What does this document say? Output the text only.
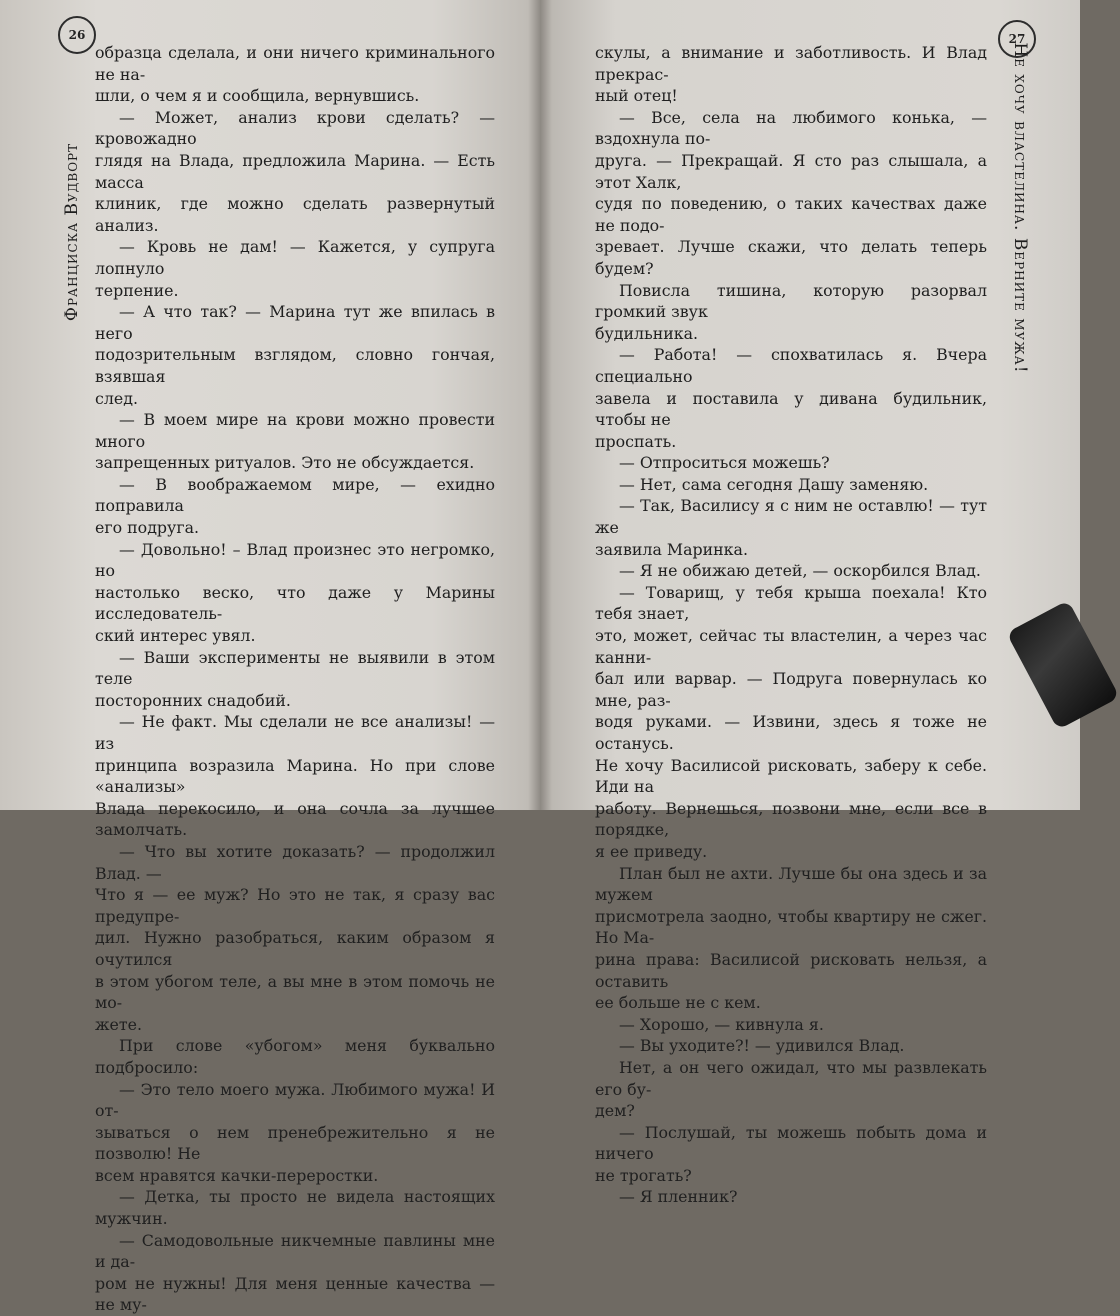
26
Франциска Вудворт

образца сделала, и они ничего криминального не на-

шли, о чем я и сообщила, вернувшись.

— Может, анализ крови сделать? — кровожадно

глядя на Влада, предложила Марина. — Есть масса

клиник, где можно сделать развернутый анализ.

— Кровь не дам! — Кажется, у супруга лопнуло

терпение.

— А что так? — Марина тут же впилась в него

подозрительным взглядом, словно гончая, взявшая

след.

— В моем мире на крови можно провести много

запрещенных ритуалов. Это не обсуждается.

— В воображаемом мире, — ехидно поправила

его подруга.

— Довольно! – Влад произнес это негромко, но

настолько веско, что даже у Марины исследователь-

ский интерес увял.

— Ваши эксперименты не выявили в этом теле

посторонних снадобий.

— Не факт. Мы сделали не все анализы! — из

принципа возразила Марина. Но при слове «анализы»

Влада перекосило, и она сочла за лучшее замолчать.

— Что вы хотите доказать? — продолжил Влад. —

Что я — ее муж? Но это не так, я сразу вас предупре-

дил. Нужно разобраться, каким образом я очутился

в этом убогом теле, а вы мне в этом помочь не мо-

жете.

При слове «убогом» меня буквально подбросило:

— Это тело моего мужа. Любимого мужа! И от-

зываться о нем пренебрежительно я не позволю! Не

всем нравятся качки-переростки.

— Детка, ты просто не видела настоящих мужчин.

— Самодовольные никчемные павлины мне и да-

ром не нужны! Для меня ценные качества — не му-

27
Не хочу властелина. Верните мужа!

скулы, а внимание и заботливость. И Влад прекрас-

ный отец!

— Все, села на любимого конька, — вздохнула по-

друга. — Прекращай. Я сто раз слышала, а этот Халк,

судя по поведению, о таких качествах даже не подо-

зревает. Лучше скажи, что делать теперь будем?

Повисла тишина, которую разорвал громкий звук

будильника.

— Работа! — спохватилась я. Вчера специально

завела и поставила у дивана будильник, чтобы не

проспать.

— Отпроситься можешь?

— Нет, сама сегодня Дашу заменяю.

— Так, Василису я с ним не оставлю! — тут же

заявила Маринка.

— Я не обижаю детей, — оскорбился Влад.

— Товарищ, у тебя крыша поехала! Кто тебя знает,

это, может, сейчас ты властелин, а через час канни-

бал или варвар. — Подруга повернулась ко мне, раз-

водя руками. — Извини, здесь я тоже не останусь.

Не хочу Василисой рисковать, заберу к себе. Иди на

работу. Вернешься, позвони мне, если все в порядке,

я ее приведу.

План был не ахти. Лучше бы она здесь и за мужем

присмотрела заодно, чтобы квартиру не сжег. Но Ма-

рина права: Василисой рисковать нельзя, а оставить

ее больше не с кем.

— Хорошо, — кивнула я.

— Вы уходите?! — удивился Влад.

Нет, а он чего ожидал, что мы развлекать его бу-

дем?

— Послушай, ты можешь побыть дома и ничего

не трогать?

— Я пленник?
